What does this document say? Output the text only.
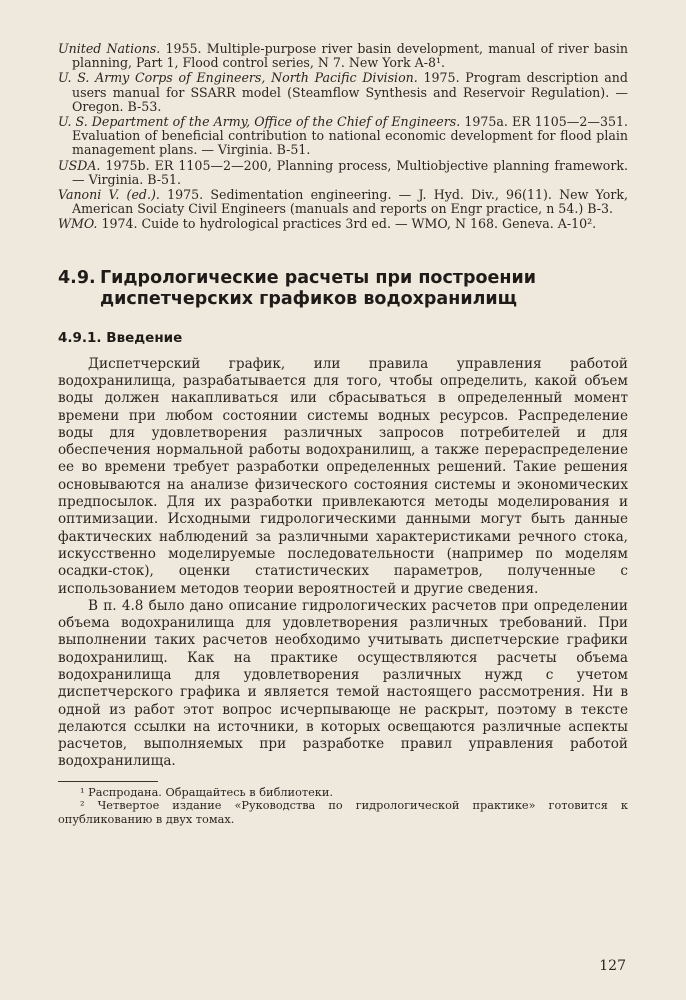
United Nations. 1955. Multiple-purpose river basin development, manual of river basin planning, Part 1, Flood control series, N 7. New York A-8¹.

U. S. Army Corps of Engineers, North Pacific Division. 1975. Program description and users manual for SSARR model (Steamflow Synthesis and Reservoir Regulation). — Oregon. B-53.

U. S. Department of the Army, Office of the Chief of Engineers. 1975a. ER 1105—2—351. Evaluation of beneficial contribution to national economic development for flood plain management plans. — Virginia. B-51.

USDA. 1975b. ER 1105—2—200, Planning process, Multiobjective planning framework. — Virginia. B-51.

Vanoni V. (ed.). 1975. Sedimentation engineering. — J. Hyd. Div., 96(11). New York, American Sociaty Civil Engineers (manuals and reports on Engr practice, n 54.) B-3.

WMO. 1974. Cuide to hydrological practices 3rd ed. — WMO, N 168. Geneva. A-10².

4.9. Гидрологические расчеты при построении
диспетчерских графиков водохранилищ
4.9.1. Введение

Диспетчерский график, или правила управления работой водохранилища, разрабатывается для того, чтобы определить, какой объем воды должен накапливаться или сбрасываться в определенный момент времени при любом состоянии системы водных ресурсов. Распределение воды для удовлетворения различных запросов потребителей и для обеспечения нормальной работы водохранилищ, а также перераспределение ее во времени требует разработки определенных решений. Такие решения основываются на анализе физического состояния системы и экономических предпосылок. Для их разработки привлекаются методы моделирования и оптимизации. Исходными гидрологическими данными могут быть данные фактических наблюдений за различными характеристиками речного стока, искусственно моделируемые последовательности (например по моделям осадки-сток), оценки статистических параметров, полученные с использованием методов теории вероятностей и другие сведения.

В п. 4.8 было дано описание гидрологических расчетов при определении объема водохранилища для удовлетворения различных требований. При выполнении таких расчетов необходимо учитывать диспетчерские графики водохранилищ. Как на практике осуществляются расчеты объема водохранилища для удовлетворения различных нужд с учетом диспетчерского графика и является темой настоящего рассмотрения. Ни в одной из работ этот вопрос исчерпывающе не раскрыт, поэтому в тексте делаются ссылки на источники, в которых освещаются различные аспекты расчетов, выполняемых при разработке правил управления работой водохранилища.

¹ Распродана. Обращайтесь в библиотеки.

² Четвертое издание «Руководства по гидрологической практике» готовится к опубликованию в двух томах.

127
